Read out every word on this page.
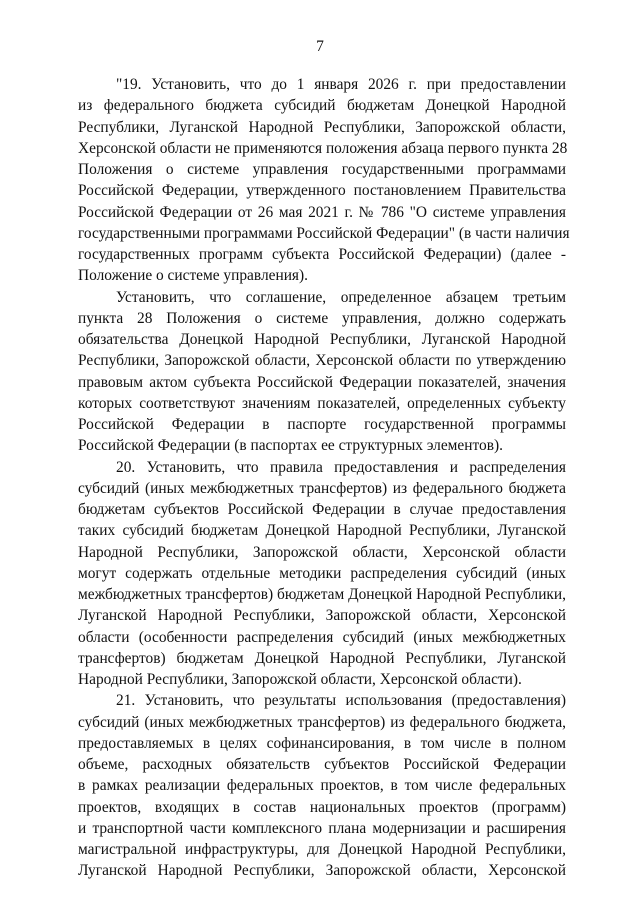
7
"19. Установить, что до 1 января 2026 г. при предоставлении
из федерального бюджета субсидий бюджетам Донецкой Народной
Республики, Луганской Народной Республики, Запорожской области,
Херсонской области не применяются положения абзаца первого пункта 28
Положения о системе управления государственными программами
Российской Федерации, утвержденного постановлением Правительства
Российской Федерации от 26 мая 2021 г. № 786 "О системе управления
государственными программами Российской Федерации" (в части наличия
государственных программ субъекта Российской Федерации) (далее -
Положение о системе управления).
Установить, что соглашение, определенное абзацем третьим
пункта 28 Положения о системе управления, должно содержать
обязательства Донецкой Народной Республики, Луганской Народной
Республики, Запорожской области, Херсонской области по утверждению
правовым актом субъекта Российской Федерации показателей, значения
которых соответствуют значениям показателей, определенных субъекту
Российской Федерации в паспорте государственной программы
Российской Федерации (в паспортах ее структурных элементов).
20. Установить, что правила предоставления и распределения
субсидий (иных межбюджетных трансфертов) из федерального бюджета
бюджетам субъектов Российской Федерации в случае предоставления
таких субсидий бюджетам Донецкой Народной Республики, Луганской
Народной Республики, Запорожской области, Херсонской области
могут содержать отдельные методики распределения субсидий (иных
межбюджетных трансфертов) бюджетам Донецкой Народной Республики,
Луганской Народной Республики, Запорожской области, Херсонской
области (особенности распределения субсидий (иных межбюджетных
трансфертов) бюджетам Донецкой Народной Республики, Луганской
Народной Республики, Запорожской области, Херсонской области).
21. Установить, что результаты использования (предоставления)
субсидий (иных межбюджетных трансфертов) из федерального бюджета,
предоставляемых в целях софинансирования, в том числе в полном
объеме, расходных обязательств субъектов Российской Федерации
в рамках реализации федеральных проектов, в том числе федеральных
проектов, входящих в состав национальных проектов (программ)
и транспортной части комплексного плана модернизации и расширения
магистральной инфраструктуры, для Донецкой Народной Республики,
Луганской Народной Республики, Запорожской области, Херсонской
